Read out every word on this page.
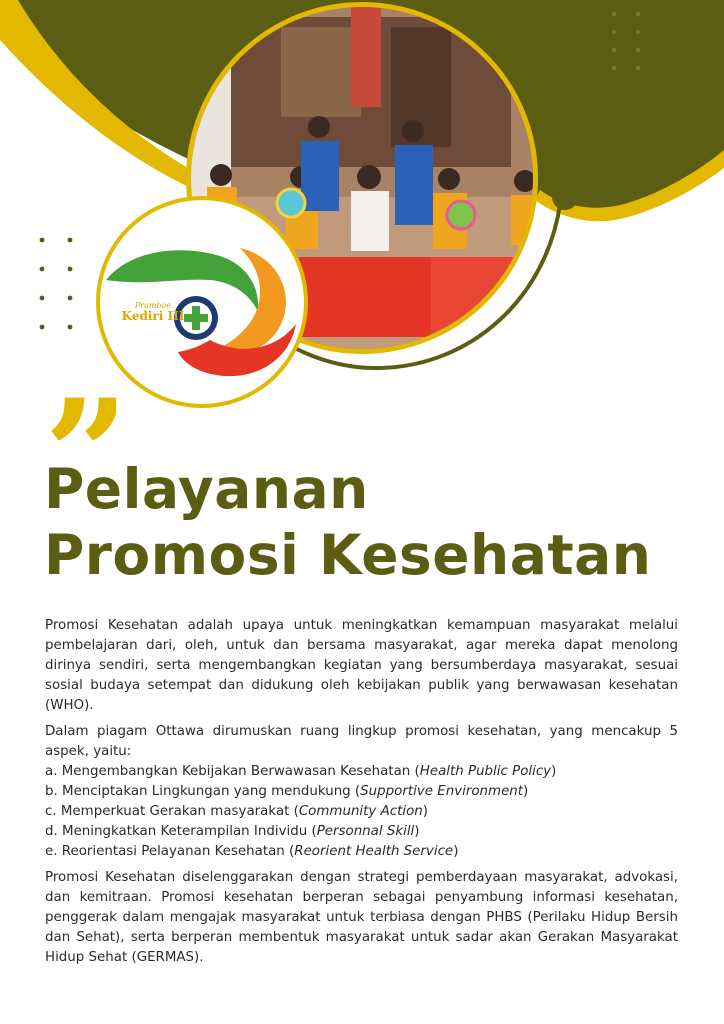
Pramboe
Kediri III
Pelayanan
Promosi Kesehatan

Promosi Kesehatan adalah upaya untuk meningkatkan kemampuan masyarakat melalui pembelajaran dari, oleh, untuk dan bersama masyarakat, agar mereka dapat menolong dirinya sendiri, serta mengembangkan kegiatan yang bersumberdaya masyarakat, sesuai sosial budaya setempat dan didukung oleh kebijakan publik yang berwawasan kesehatan (WHO).

Dalam piagam Ottawa dirumuskan ruang lingkup promosi kesehatan, yang mencakup 5 aspek, yaitu:

a. Mengembangkan Kebijakan Berwawasan Kesehatan (Health Public Policy)
b. Menciptakan Lingkungan yang mendukung (Supportive Environment)
c. Memperkuat Gerakan masyarakat (Community Action)
d. Meningkatkan Keterampilan Individu (Personnal Skill)
e. Reorientasi Pelayanan Kesehatan (Reorient Health Service)

Promosi Kesehatan diselenggarakan dengan strategi pemberdayaan masyarakat, advokasi, dan kemitraan. Promosi kesehatan berperan sebagai penyambung informasi kesehatan, penggerak dalam mengajak masyarakat untuk terbiasa dengan PHBS (Perilaku Hidup Bersih dan Sehat), serta berperan membentuk masyarakat untuk sadar akan Gerakan Masyarakat Hidup Sehat (GERMAS).
